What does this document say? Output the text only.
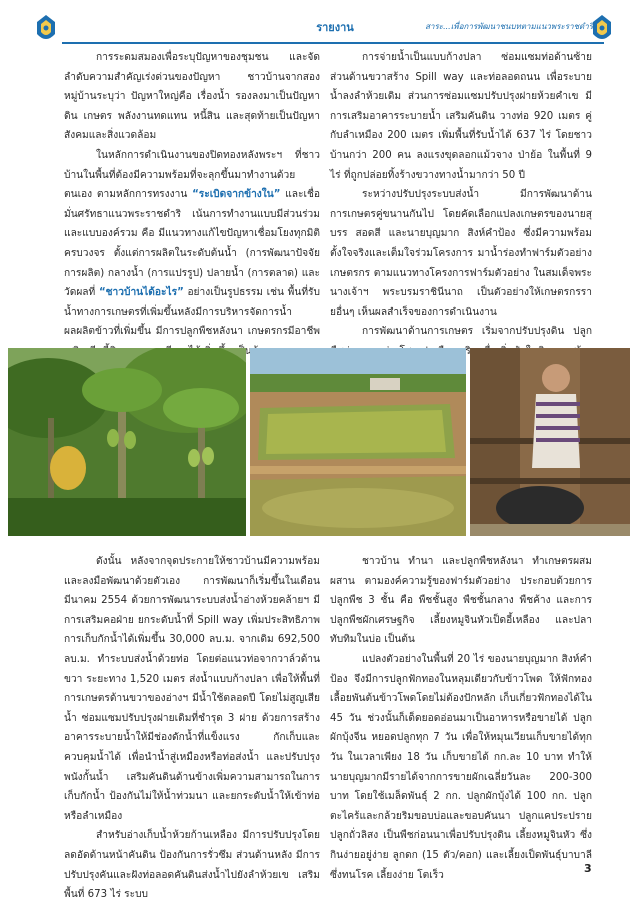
รายงาน	สาระ...เพื่อการพัฒนาชนบทตามแนวพระราชดำริ

การระดมสมองเพื่อระบุปัญหาของชุมชน และจัดลำดับความสำคัญเร่งด่วนของปัญหา ชาวบ้านจากสองหมู่บ้านระบุว่า ปัญหาใหญ่คือ เรื่องน้ำ รองลงมาเป็นปัญหาดิน เกษตร พลังงานทดแทน หนี้สิน และสุดท้ายเป็นปัญหาสังคมและสิ่งแวดล้อม

ในหลักการดำเนินงานของปิดทองหลังพระฯ ที่ชาวบ้านในพื้นที่ต้องมีความพร้อมที่จะลุกขึ้นมาทำงานด้วยตนเอง ตามหลักการทรงงาน “ระเบิดจากข้างใน” และเชื่อมั่นศรัทธาแนวพระราชดำริ เน้นการทำงานแบบมีส่วนร่วม และแบบองค์รวม คือ มีแนวทางแก้ไขปัญหาเชื่อมโยงทุกมิติครบวงจร ตั้งแต่การผลิตในระดับต้นน้ำ (การพัฒนาปัจจัยการผลิต) กลางน้ำ (การแปรรูป) ปลายน้ำ (การตลาด) และวัดผลที่ “ชาวบ้านได้อะไร” อย่างเป็นรูปธรรม เช่น พื้นที่รับน้ำทางการเกษตรที่เพิ่มขึ้นหลังมีการบริหารจัดการน้ำ ผลผลิตข้าวที่เพิ่มขึ้น มีการปลูกพืชหลังนา เกษตรกรมีอาชีพ

การจ่ายน้ำเป็นแบบก้างปลา ซ่อมแซมท่อด้านซ้าย ส่วนด้านขวาสร้าง Spill way และท่อลอดถนน เพื่อระบายน้ำลงลำห้วยเดิม ส่วนการซ่อมแซมปรับปรุงฝายห้วยคำเข มีการเสริมอาคารระบายน้ำ เสริมคันดิน วางท่อ 920 เมตร คู่กับลำเหมือง 200 เมตร เพิ่มพื้นที่รับน้ำได้ 637 ไร่ โดยชาวบ้านกว่า 200 คน ลงแรงขุดลอกแม้วจาง ป่าย้อ ในพื้นที่ 9 ไร่ ที่ถูกปล่อยทิ้งร้างขวางทางน้ำมากว่า 50 ปี

ระหว่างปรับปรุงระบบส่งน้ำ มีการพัฒนาด้านการเกษตรคู่ขนานกันไป โดยคัดเลือกแปลงเกษตรของนายสุบรร สอดสี และนายบุญมาก สิงห์คำป้อง ซึ่งมีความพร้อม ตั้งใจจริงและเต็มใจร่วมโครงการ มาน้ำร่องทำฟาร์มตัวอย่างเกษตรกร ตามแนวทางโครงการฟาร์มตัวอย่าง ในสมเด็จพระนางเจ้าฯ พระบรมราชินีนาถ เป็นตัวอย่างให้เกษตรกรรายอื่นๆ เห็นผลสำเร็จของการดำเนินงาน

การพัฒนาด้านการเกษตร เริ่มจากปรับปรุงดิน ปลูก พริก

ดังนั้น หลังจากจุดประกายให้ชาวบ้านมีความพร้อมและลงมือพัฒนาด้วยตัวเอง การพัฒนาก็เริ่มขึ้นในเดือนมีนาคม 2554 ด้วยการพัฒนาระบบส่งน้ำอ่างห้วยคล้ายฯ มีการเสริมคอฝ่าย ยกระดับน้ำที่ Spill way เพิ่มประสิทธิภาพการเก็บกักน้ำได้เพิ่มขึ้น 30,000 ลบ.ม. จากเดิม 692,500 ลบ.ม. ทำระบบส่งน้ำด้วยท่อ โดยต่อแนวท่อจากวาล์วด้านขวา ระยะทาง 1,520 เมตร ส่งน้ำแบบก้างปลา เพื่อให้พื้นที่การเกษตรด้านขวาของอ่างฯ มีน้ำใช้ตลอดปี โดยไม่สูญเสียน้ำ ซ่อมแซมปรับปรุงฝายเดิมที่ชำรุด 3 ฝาย ด้วยการสร้างอาคารระบายน้ำให้มีช่องดักน้ำที่แข็งแรง กักเก็บและควบคุมน้ำได้ เพื่อนำน้ำสู่เหมืองหรือท่อส่งน้ำ และปรับปรุงพนังกั้นน้ำ เสริมคันดินด้านข้างเพิ่มความสามารถในการเก็บกักน้ำ ป้องกันไม่ให้น้ำท่วมนา และยกระดับน้ำให้เข้าท่อหรือลำเหมือง

สำหรับอ่างเก็บน้ำห้วยก้านเหลือง มีการปรับปรุงโดยลดอัดด้านหน้าคันดิน ป้องกันการรั่วซึม ส่วนด้านหลัง มีการปรับปรุงคันและฝังท่อลอดคันดินส่งน้ำไปยังลำห้วยเข เสริมพื้นที่ 673 ไร่ ระบบ

ชาวบ้าน ทำนา และปลูกพืชหลังนา ทำเกษตรผสมผสาน ตามองค์ความรู้ของฟาร์มตัวอย่าง ประกอบด้วยการปลูกพืช 3 ชั้น คือ พืชชั้นสูง พืชชั้นกลาง พืชค้าง และการปลูกพืชผักเศรษฐกิจ เลี้ยงหมูจินหัวเป็ดอี้เหลือง และปลาทับทิมในบ่อ เป็นต้น

แปลงตัวอย่างในพื้นที่ 20 ไร่ ของนายบุญมาก สิงห์คำป้อง จึงมีการปลูกฟักทองในหลุมเดียวกับข้าวโพด ให้ฟักทองเลื้อยพันต้นข้าวโพดโดยไม่ต้องปักหลัก เก็บเกี่ยวฟักทองได้ใน 45 วัน ช่วงนั้นก็เด็ดยอดอ่อนมาเป็นอาหารหรือขายได้ ปลูกผักบุ้งจีน หยอดปลูกทุก 7 วัน เพื่อให้หมุนเวียนเก็บขายได้ทุกวัน ในเวลาเพียง 18 วัน เก็บขายได้ กก.ละ 10 บาท ทำให้นายบุญมากมีรายได้จากการขายผักเฉลี่ยวันละ 200-300 บาท โดยใช้เมล็ดพันธุ์ 2 กก. ปลูกผักบุ้งได้ 100 กก. ปลูกตะไคร้และกล้วยริมขอบบ่อและขอบคันนา ปลูกแคประปราย ปลูกถั่วลิสง เป็นพืชก่อนนาเพื่อปรับปรุงดิน เลี้ยงหมูจินหัว ซึ่งกินง่ายอยู่ง่าย ลูกดก (15 ตัว/คอก) และเลี้ยงเป็ดพันธุ์บาบาลี ซึ่งทนโรค เลี้ยงง่าย โตเร็ว	3
